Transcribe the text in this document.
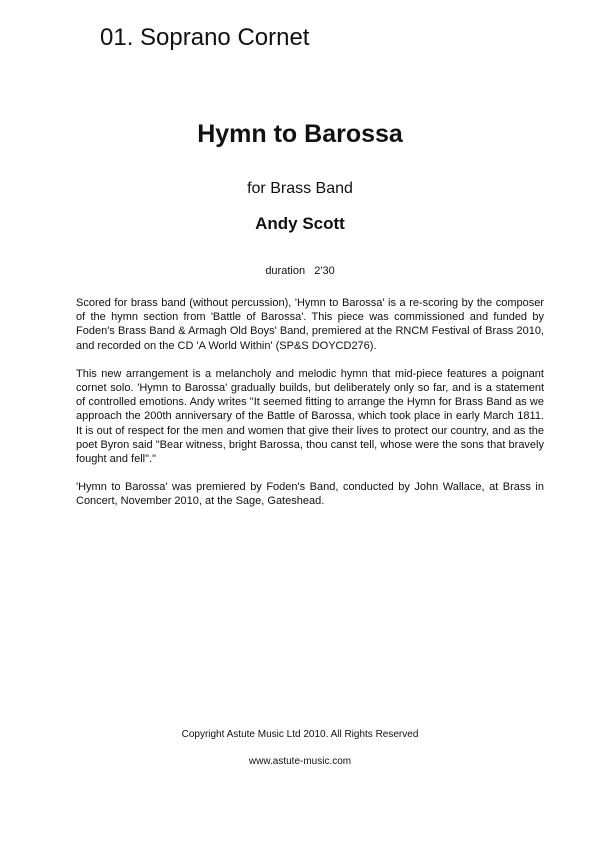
01. Soprano Cornet
Hymn to Barossa
for Brass Band
Andy Scott
duration   2'30

Scored for brass band (without percussion), 'Hymn to Barossa' is a re-scoring by the composer of the hymn section from 'Battle of Barossa'. This piece was commissioned and funded by Foden's Brass Band & Armagh Old Boys' Band, premiered at the RNCM Festival of Brass 2010, and recorded on the CD 'A World Within' (SP&S DOYCD276).

This new arrangement is a melancholy and melodic hymn that mid-piece features a poignant cornet solo. 'Hymn to Barossa' gradually builds, but deliberately only so far, and is a statement of controlled emotions. Andy writes "It seemed fitting to arrange the Hymn for Brass Band as we approach the 200th anniversary of the Battle of Barossa, which took place in early March 1811. It is out of respect for the men and women that give their lives to protect our country, and as the poet Byron said "Bear witness, bright Barossa, thou canst tell, whose were the sons that bravely fought and fell"."

'Hymn to Barossa' was premiered by Foden's Band, conducted by John Wallace, at Brass in Concert, November 2010, at the Sage, Gateshead.

Copyright Astute Music Ltd 2010. All Rights Reserved
www.astute-music.com
